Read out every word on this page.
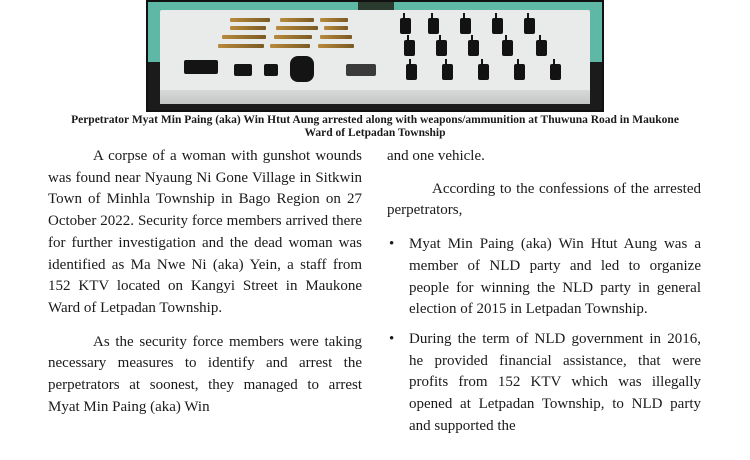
Perpetrator Myat Min Paing (aka) Win Htut Aung arrested along with weapons/ammunition at Thuwuna Road in Maukone Ward of Letpadan Township

A corpse of a woman with gunshot wounds was found near Nyaung Ni Gone Village in Sitkwin Town of Minhla Township in Bago Region on 27 October 2022. Security force members arrived there for further investigation and the dead woman was identified as Ma Nwe Ni (aka) Yein, a staff from 152 KTV located on Kangyi Street in Maukone Ward of Letpadan Township.

As the security force members were taking necessary measures to identify and arrest the perpetrators at soonest, they managed to arrest Myat Min Paing (aka) Win

and one vehicle.

According to the confessions of the arrested perpetrators,

• Myat Min Paing (aka) Win Htut Aung was a member of NLD party and led to organize people for winning the NLD party in general election of 2015 in Letpadan Township.
• During the term of NLD government in 2016, he provided financial assistance, that were profits from 152 KTV which was illegally opened at Letpadan Township, to NLD party and supported the
